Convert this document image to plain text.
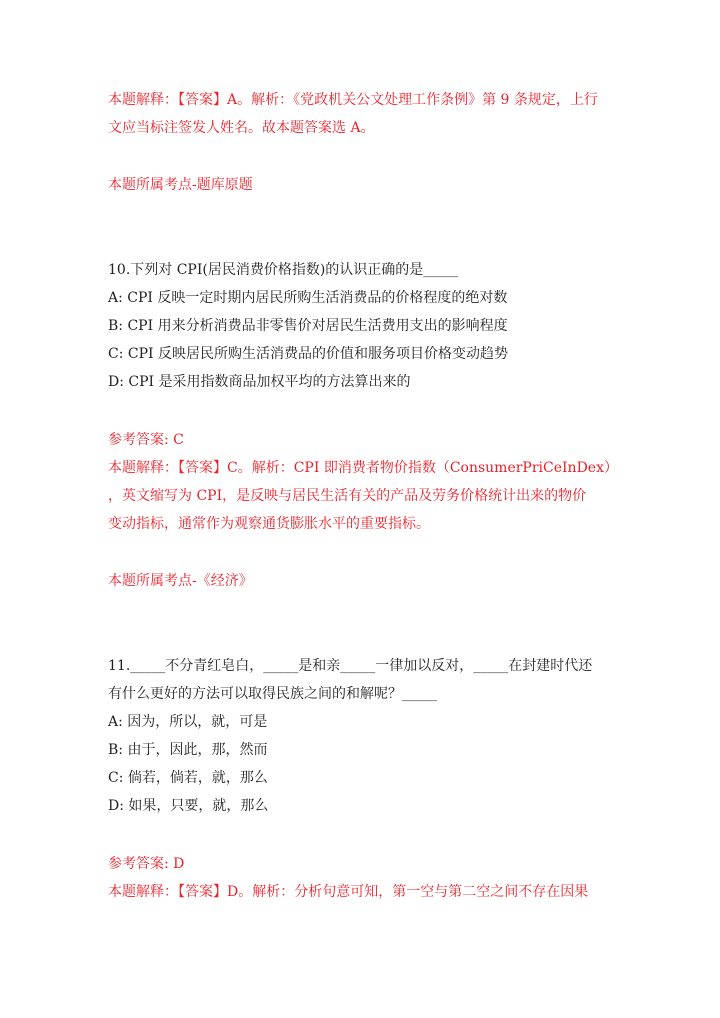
本题解释：【答案】A。解析：《党政机关公文处理工作条例》第 9 条规定，上行
文应当标注签发人姓名。故本题答案选 A。
本题所属考点-题库原题
10.下列对 CPI(居民消费价格指数)的认识正确的是_____
A: CPI 反映一定时期内居民所购生活消费品的价格程度的绝对数
B: CPI 用来分析消费品非零售价对居民生活费用支出的影响程度
C: CPI 反映居民所购生活消费品的价值和服务项目价格变动趋势
D: CPI 是采用指数商品加权平均的方法算出来的
参考答案: C
本题解释：【答案】C。解析：CPI 即消费者物价指数（ConsumerPriCeInDex）
，英文缩写为 CPI，是反映与居民生活有关的产品及劳务价格统计出来的物价
变动指标，通常作为观察通货膨胀水平的重要指标。
本题所属考点-《经济》
11._____不分青红皂白，_____是和亲_____一律加以反对，_____在封建时代还
有什么更好的方法可以取得民族之间的和解呢？_____
A: 因为，所以，就，可是
B: 由于，因此，那，然而
C: 倘若，倘若，就，那么
D: 如果，只要，就，那么
参考答案: D
本题解释：【答案】D。解析：分析句意可知，第一空与第二空之间不存在因果
